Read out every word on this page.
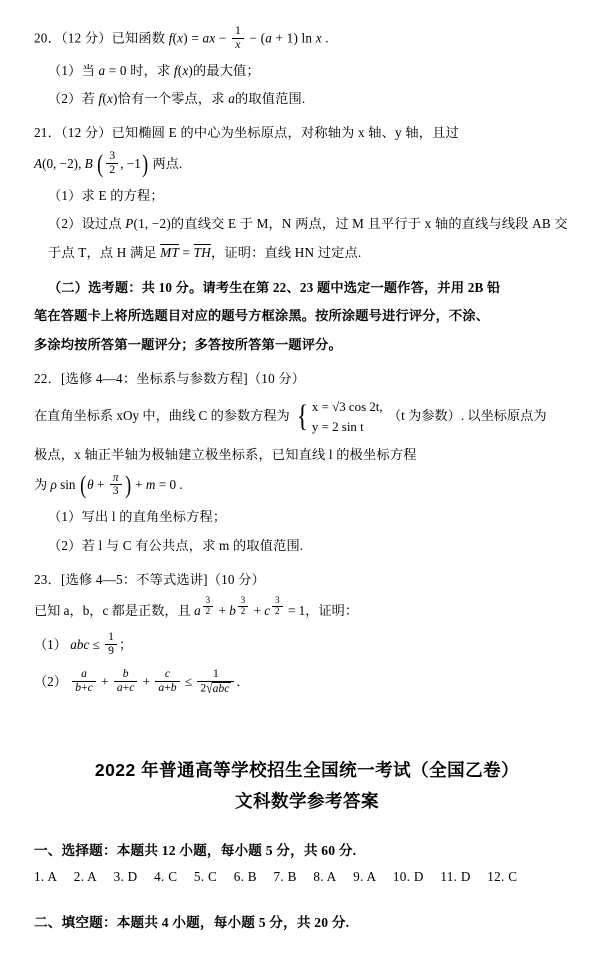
20．（12 分）已知函数 f(x) = ax − $\frac{1}{x} - (a + 1)$ ln x .
（1）当 a = 0 时，求 f(x)的最大值；
（2）若 f(x)恰有一个零点，求 a的取值范围.
21．（12 分）已知椭圆 E 的中心为坐标原点，对称轴为 x 轴、y 轴，且过
A(0, −2), B ( $\frac{3}{2}$ , −1) 两点.
（1）求 E 的方程；
（2）设过点 P(1, −2)的直线交 E 于 M，N 两点，过 M 且平行于 x 轴的直线与线段 AB 交
于点 T，点 H 满足 $\overline{MT} = \overline{TH}$，证明：直线 HN 过定点.
（二）选考题：共 10 分。请考生在第 22、23 题中选定一题作答，并用 2B 铅
笔在答题卡上将所选题目对应的题号方框涂黑。按所涂题号进行评分，不涂、
多涂均按所答第一题评分；多答按所答第一题评分。
22．[选修 4—4：坐标系与参数方程]（10 分）
在直角坐标系 xOy 中，曲线 C 的参数方程为 { x = √3 cos 2t,
y = 2 sin t
（t 为参数）. 以坐标原点为
极点，x 轴正半轴为极轴建立极坐标系，已知直线 l 的极坐标方程
为 ρ $\sin (\theta + \frac{\pi}{3}$ ) + m = 0 .
（1）写出 l 的直角坐标方程；
（2）若 l 与 C 有公共点，求 m 的取值范围.
23．[选修 4—5：不等式选讲]（10 分）
已知 a，b，c 都是正数，且 a $^{\frac{3}{2}}$ + b $^{\frac{3}{2}}$ + c $^{\frac{3}{2}}$ = 1，证明：
（1） abc ≤ $\frac{1}{9}$ ；
$(2) \frac{a}{b+c} + \frac{b}{a+c} + \frac{c}{a+b} \le \frac{1}{\text{2√abc}}$ ．
2022 年普通高等学校招生全国统一考试（全国乙卷）
文科数学参考答案
一、选择题：本题共 12 小题，每小题 5 分，共 60 分.
1. A 2. A 3. D 4. C 5. C 6. B 7. B 8. A 9. A 10. D 11. D 12. C
二、填空题：本题共 4 小题，每小题 5 分，共 20 分.
